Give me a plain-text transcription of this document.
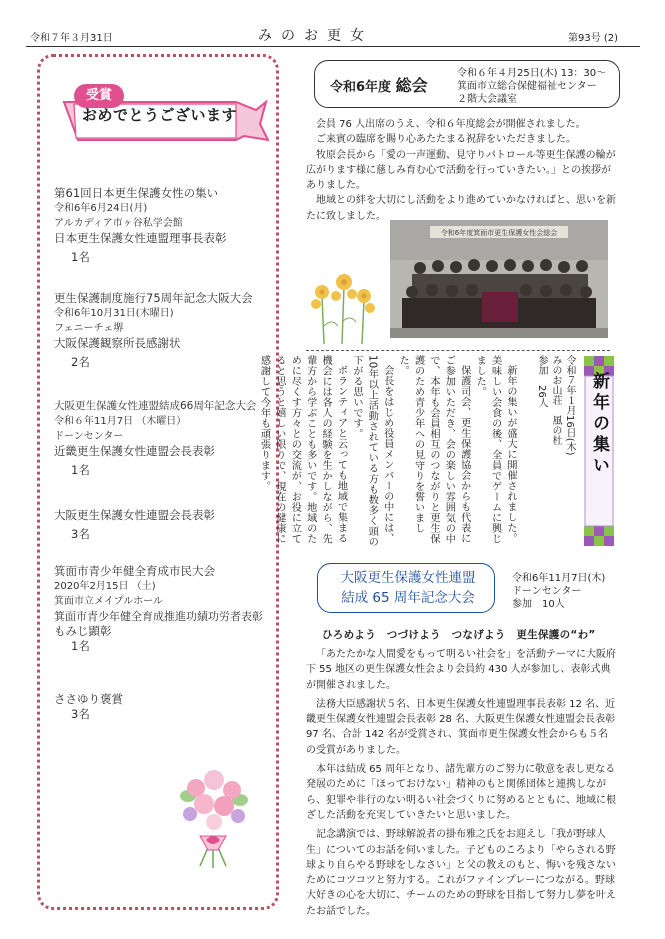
令和７年３月31日	みのお更女	第93号 (2)
受賞
おめでとうございます
第61回日本更生保護女性の集い
令和6年6月24日(月)
アルカディア市ヶ谷私学会館
日本更生保護女性連盟理事長表彰
1名
更生保護制度施行75周年記念大阪大会
令和6年10月31日(木曜日)
フェニーチェ堺
大阪保護観察所長感謝状
2名
大阪更生保護女性連盟結成66周年記念大会
令和６年11月7日 （木曜日）
ドーンセンター
近畿更生保護女性連盟会長表彰
1名
大阪更生保護女性連盟会長表彰
3名
箕面市青少年健全育成市民大会
2020年2月15日 （土)
箕面市立メイプルホール
箕面市青少年健全育成推進功績功労者表彰
もみじ顕彰
1名
ささゆり褒賞
3名
令和6年度 総会
令和６年４月25日(木) 13：30～
箕面市立総合保健福祉センター
２階大会議室

会員 76 人出席のうえ、令和６年度総会が開催されました。

ご来賓の臨席を賜り心あたたまる祝辞をいただきました。

牧原会長から「愛の一声運動、見守りパトロール等更生保護の輪が広がります様に慈しみ育む心で活動を行っていきたい。」との挨拶がありました。

地域との絆を大切にし活動をより進めていかなければと、思いを新たに致しました。

令和6年度箕面市更生保護女性会総会

新年の集いが盛大に開催されました。美味しい会食の後、全員でゲームに興じました。

保護司会、更生保護協会からも代表にご参加いただき、会の楽しい雰囲気の中で、本年も会員相互のつながりと更生保護のため青少年への見守りを誓いました。

会長をはじめ役員メンバーの中には、10年以上活動されている方も数多く頭の下がる思いです。

ボランティアと云っても地域で集まる機会には各人の経験を生かしながら、先輩方から学ぶことも多いです。地域のために尽くす方々との交流が、お役に立てると思うと嬉しい限りで、現在の健康に感謝して今年も頑張ります。	令和７年１月16日(木)
みのお山荘　風の杜
参加　26人 新年の集い
大阪更生保護女性連盟
結成 65 周年記念大会
令和6年11月7日(木)
ドーンセンター
参加　10人
ひろめよう　つづけよう　つなげよう　更生保護の“わ”

「あたたかな人間愛をもって明るい社会を」を活動テーマに大阪府下 55 地区の更生保護女性会より会員約 430 人が参加し、表彰式典が開催されました。

法務大臣感謝状５名、日本更生保護女性連盟理事長表彰 12 名、近畿更生保護女性連盟会長表彰 28 名、大阪更生保護女性連盟会長表彰 97 名、合計 142 名が受賞され、箕面市更生保護女性会からも５名の受賞がありました。

本年は結成 65 周年となり、諸先輩方のご努力に敬意を表し更なる発展のために「ほっておけない」精神のもと関係団体と連携しながら、犯罪や非行のない明るい社会づくりに努めるとともに、地域に根ざした活動を充実していきたいと思いました。

記念講演では、野球解説者の掛布雅之氏をお迎えし「我が野球人生」についてのお話を伺いました。子どものころより「やらされる野球より自らやる野球をしなさい」と父の教えのもと、悔いを残さないためにコツコツと努力する。これがファインプレーにつながる。野球大好きの心を大切に、チームのための野球を目指して努力し夢を叶えたお話でした。
